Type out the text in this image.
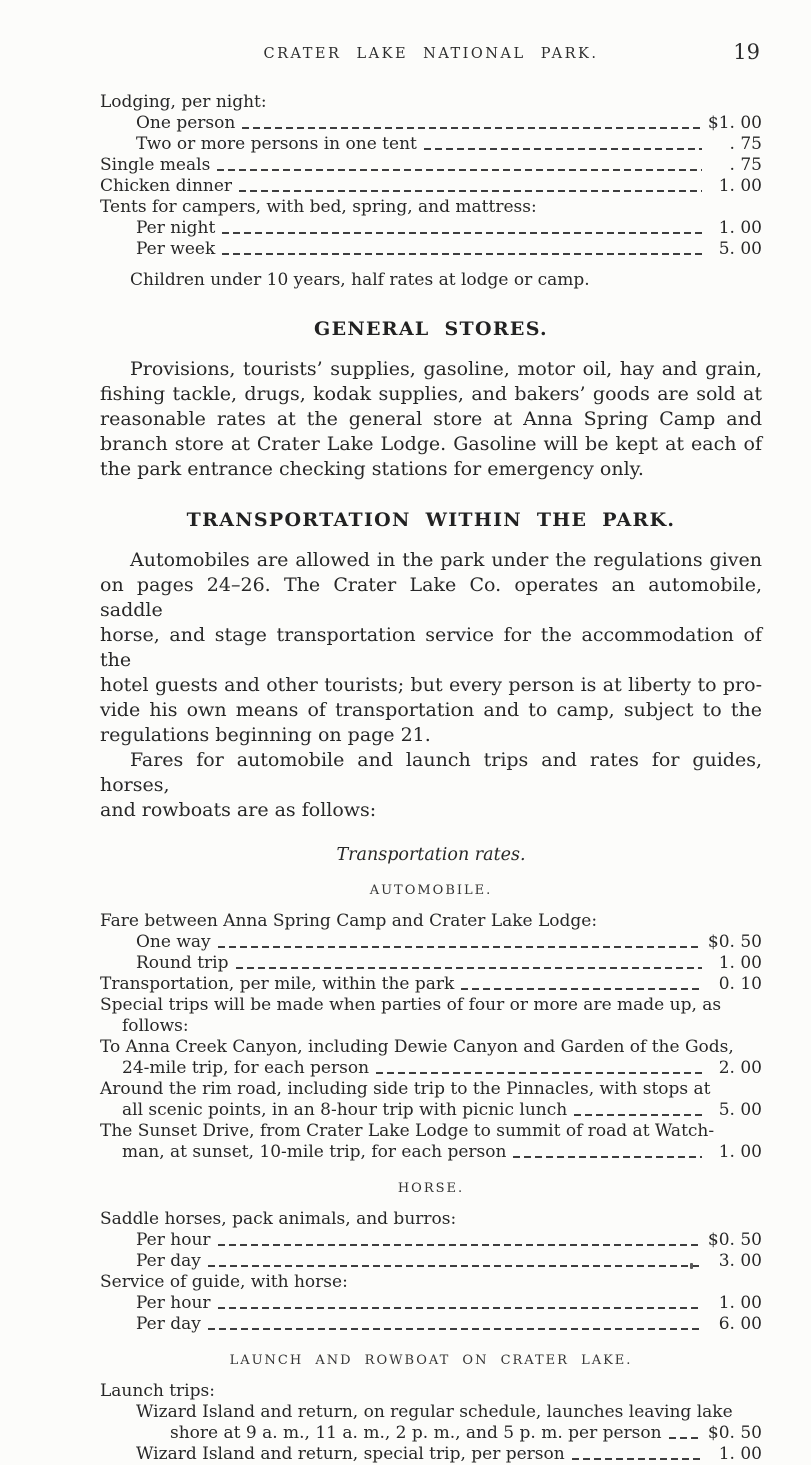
CRATER LAKE NATIONAL PARK.	19
Lodging, per night:
One person	$1. 00
Two or more persons in one tent	. 75
Single meals	. 75
Chicken dinner	1. 00
Tents for campers, with bed, spring, and mattress:
Per night	1. 00
Per week	5. 00
Children under 10 years, half rates at lodge or camp.
GENERAL STORES.
Provisions, tourists’ supplies, gasoline, motor oil, hay and grain,
fishing tackle, drugs, kodak supplies, and bakers’ goods are sold at
reasonable rates at the general store at Anna Spring Camp and
branch store at Crater Lake Lodge. Gasoline will be kept at each of
the park entrance checking stations for emergency only.
TRANSPORTATION WITHIN THE PARK.
Automobiles are allowed in the park under the regulations given
on pages 24–26. The Crater Lake Co. operates an automobile, saddle
horse, and stage transportation service for the accommodation of the
hotel guests and other tourists; but every person is at liberty to pro-
vide his own means of transportation and to camp, subject to the
regulations beginning on page 21.
Fares for automobile and launch trips and rates for guides, horses,
and rowboats are as follows:
Transportation rates.
AUTOMOBILE.
Fare between Anna Spring Camp and Crater Lake Lodge:
One way	$0. 50
Round trip	1. 00
Transportation, per mile, within the park	0. 10
Special trips will be made when parties of four or more are made up, as
follows:
To Anna Creek Canyon, including Dewie Canyon and Garden of the Gods,
24-mile trip, for each person	2. 00
Around the rim road, including side trip to the Pinnacles, with stops at
all scenic points, in an 8-hour trip with picnic lunch	5. 00
The Sunset Drive, from Crater Lake Lodge to summit of road at Watch-
man, at sunset, 10-mile trip, for each person	1. 00
HORSE.
Saddle horses, pack animals, and burros:
Per hour	$0. 50
Per day	3. 00
Service of guide, with horse:
Per hour	1. 00
Per day	6. 00
LAUNCH AND ROWBOAT ON CRATER LAKE.
Launch trips:
Wizard Island and return, on regular schedule, launches leaving lake
shore at 9 a. m., 11 a. m., 2 p. m., and 5 p. m. per person	$0. 50
Wizard Island and return, special trip, per person	1. 00
